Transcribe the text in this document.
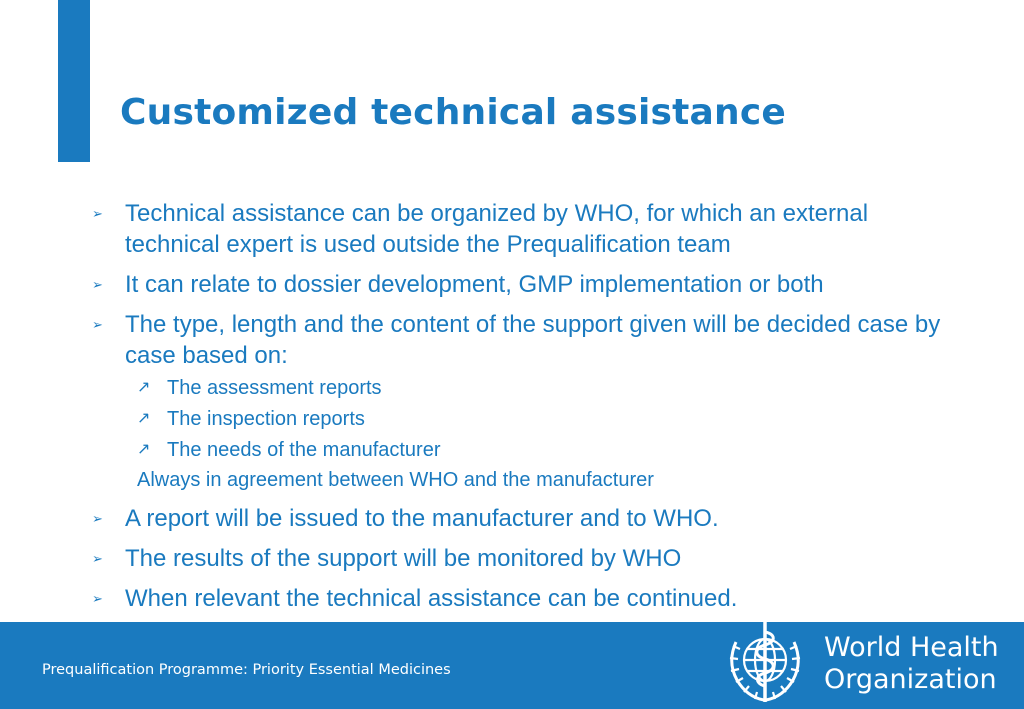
Customized technical assistance
➢ Technical assistance can be organized by WHO, for which an external technical expert is used outside the Prequalification team
➢ It can relate to dossier development, GMP implementation or both
➢ The type, length and the content of the support given will be decided case by case based on:
↗ The assessment reports
↗ The inspection reports
↗ The needs of the manufacturer
Always in agreement between WHO and the manufacturer
➢ A report will be issued to the manufacturer and to WHO.
➢ The results of the support will be monitored by WHO
➢ When relevant the technical assistance can be continued.
Prequalification Programme: Priority Essential Medicines
World Health
Organization
